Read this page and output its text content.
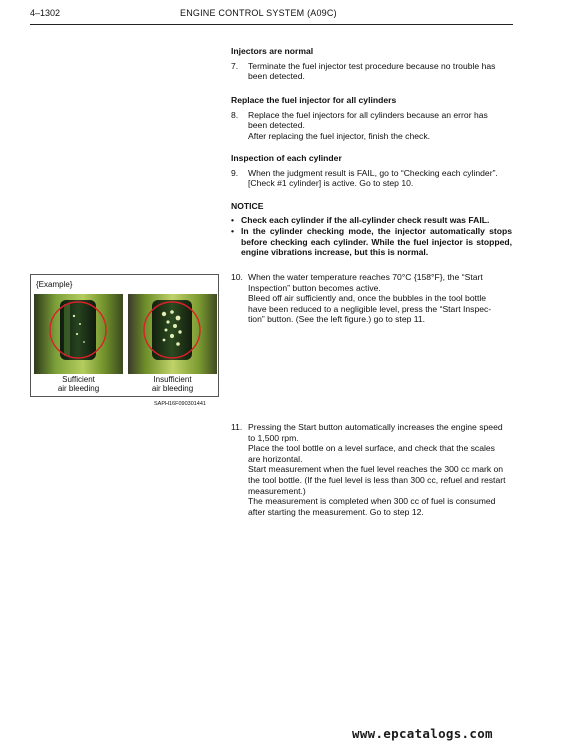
4–1302	ENGINE CONTROL SYSTEM (A09C)
Injectors are normal
7. Terminate the fuel injector test procedure because no trouble has

been detected.

Replace the fuel injector for all cylinders
8. Replace the fuel injectors for all cylinders because an error has

been detected.

After replacing the fuel injector, finish the check.

Inspection of each cylinder
9. When the judgment result is FAIL, go to “Checking each cylinder”.

[Check #1 cylinder] is active. Go to step 10.

NOTICE
• Check each cylinder if the all-cylinder check result was FAIL.
• In the cylinder checking mode, the injector automatically stops before checking each cylinder. While the fuel injector is stopped, engine vibrations increase, but this is normal.
10. When the water temperature reaches 70°C {158°F}, the “Start

Inspection” button becomes active.

Bleed off air sufficiently and, once the bubbles in the tool bottle

have been reduced to a negligible level, press the “Start Inspec-

tion” button. (See the left figure.) go to step 11.

{Example}
Sufficient
air bleeding
Insufficient
air bleeding
SAPH16F090301441
11. Pressing the Start button automatically increases the engine speed

to 1,500 rpm.

Place the tool bottle on a level surface, and check that the scales

are horizontal.

Start measurement when the fuel level reaches the 300 cc mark on

the tool bottle. (If the fuel level is less than 300 cc, refuel and restart

measurement.)

The measurement is completed when 300 cc of fuel is consumed

after starting the measurement. Go to step 12.

www.epcatalogs.com
